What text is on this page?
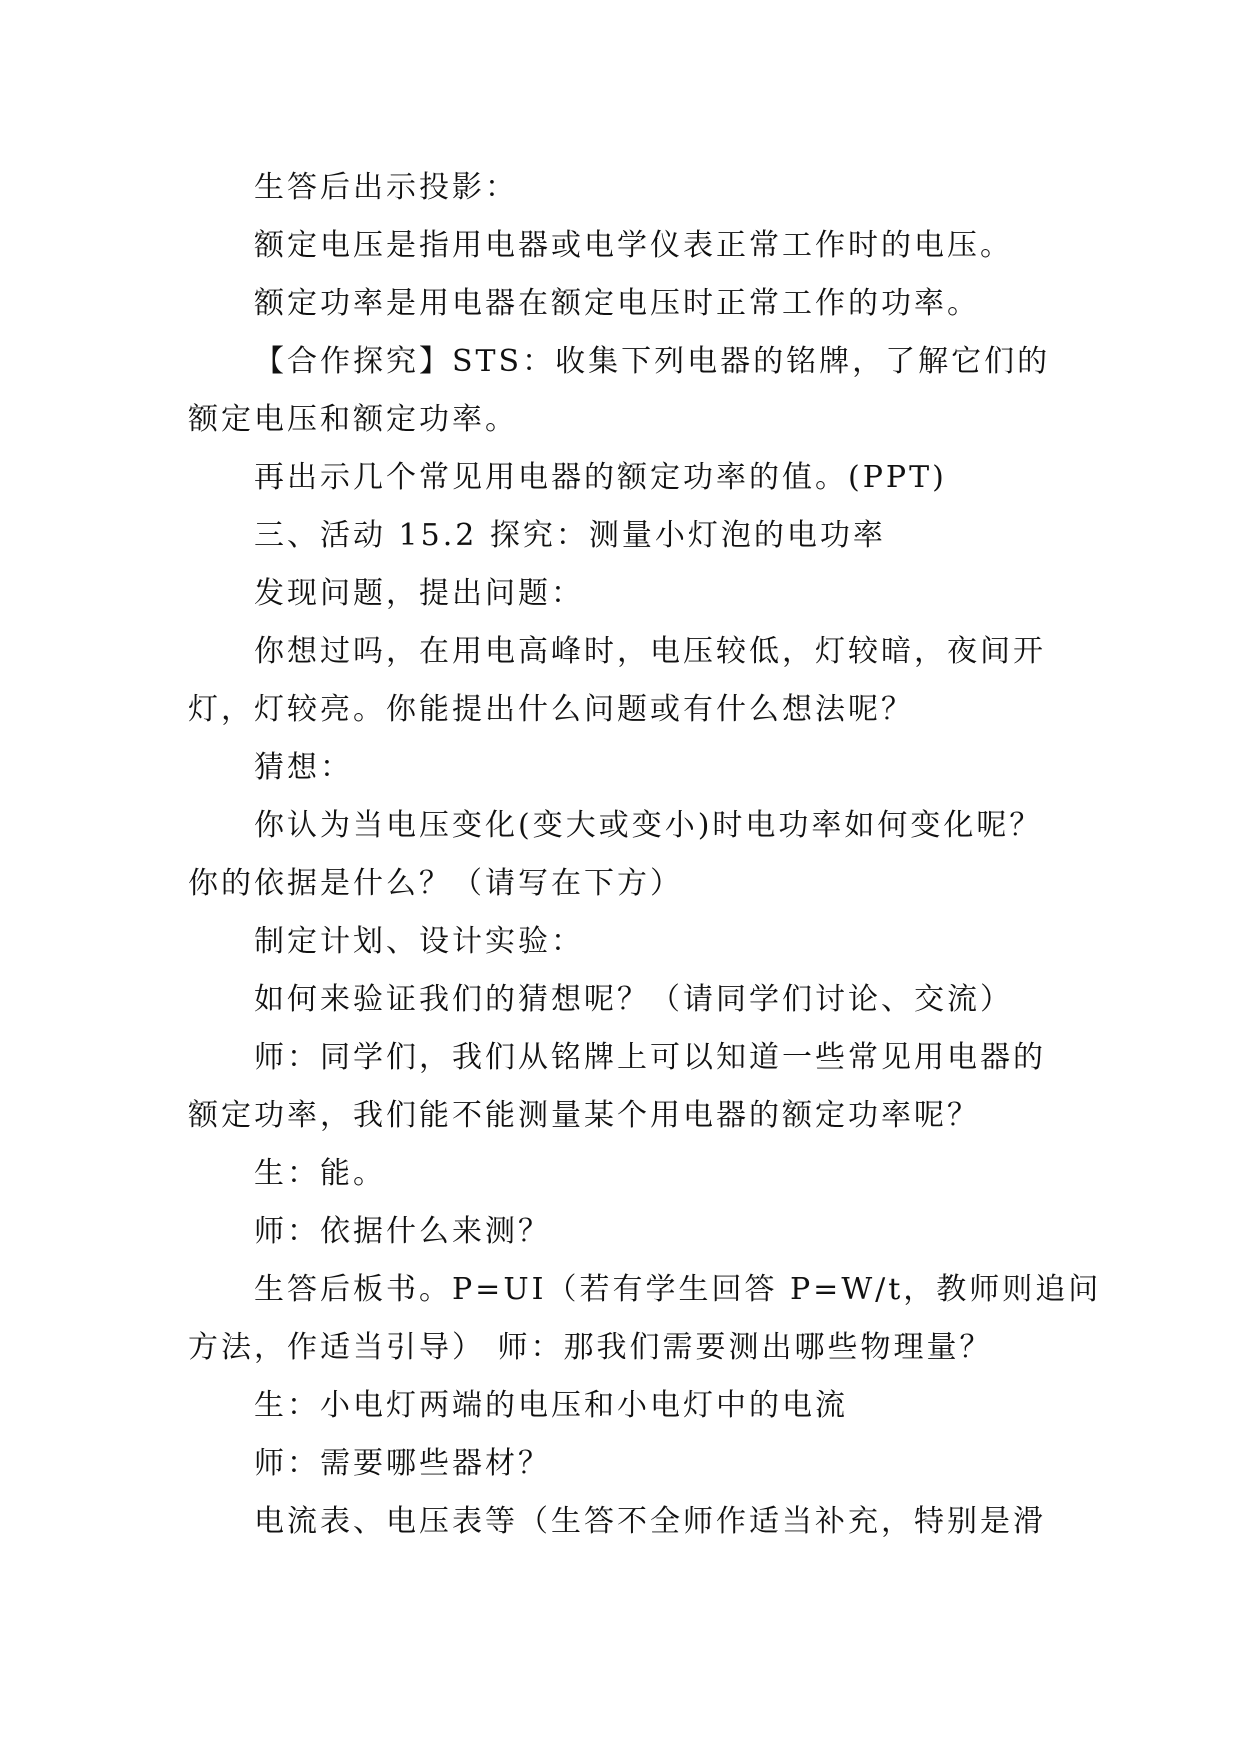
生答后出示投影：

额定电压是指用电器或电学仪表正常工作时的电压。

额定功率是用电器在额定电压时正常工作的功率。

【合作探究】STS：收集下列电器的铭牌，了解它们的

额定电压和额定功率。

再出示几个常见用电器的额定功率的值。(PPT)

三、活动 15.2 探究：测量小灯泡的电功率

发现问题，提出问题：

你想过吗，在用电高峰时，电压较低，灯较暗，夜间开

灯，灯较亮。你能提出什么问题或有什么想法呢？

猜想：

你认为当电压变化(变大或变小)时电功率如何变化呢？

你的依据是什么？（请写在下方）

制定计划、设计实验：

如何来验证我们的猜想呢？（请同学们讨论、交流）

师：同学们，我们从铭牌上可以知道一些常见用电器的

额定功率，我们能不能测量某个用电器的额定功率呢？

生：能。

师：依据什么来测？

生答后板书。P=UI（若有学生回答 P=W/t，教师则追问

方法，作适当引导） 师：那我们需要测出哪些物理量？

生：小电灯两端的电压和小电灯中的电流

师：需要哪些器材？

电流表、电压表等（生答不全师作适当补充，特别是滑
